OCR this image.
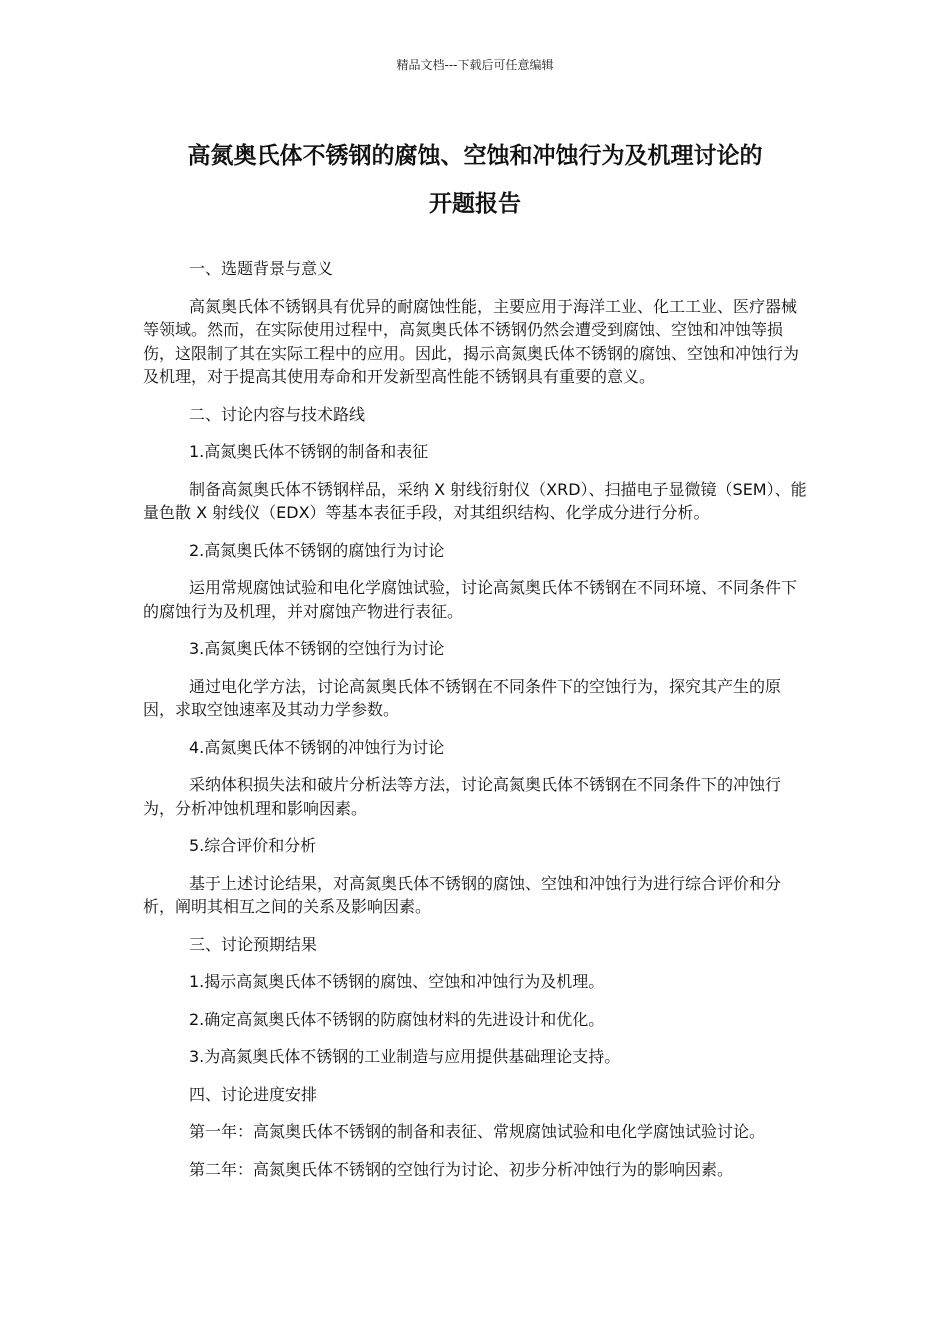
精品文档---下载后可任意编辑
高氮奥氏体不锈钢的腐蚀、空蚀和冲蚀行为及机理讨论的
开题报告

一、选题背景与意义

高氮奥氏体不锈钢具有优异的耐腐蚀性能，主要应用于海洋工业、化工工业、医疗器械等领域。然而，在实际使用过程中，高氮奥氏体不锈钢仍然会遭受到腐蚀、空蚀和冲蚀等损伤，这限制了其在实际工程中的应用。因此，揭示高氮奥氏体不锈钢的腐蚀、空蚀和冲蚀行为及机理，对于提高其使用寿命和开发新型高性能不锈钢具有重要的意义。

二、讨论内容与技术路线

1.高氮奥氏体不锈钢的制备和表征

制备高氮奥氏体不锈钢样品，采纳 X 射线衍射仪（XRD）、扫描电子显微镜（SEM）、能量色散 X 射线仪（EDX）等基本表征手段，对其组织结构、化学成分进行分析。

2.高氮奥氏体不锈钢的腐蚀行为讨论

运用常规腐蚀试验和电化学腐蚀试验，讨论高氮奥氏体不锈钢在不同环境、不同条件下的腐蚀行为及机理，并对腐蚀产物进行表征。

3.高氮奥氏体不锈钢的空蚀行为讨论

通过电化学方法，讨论高氮奥氏体不锈钢在不同条件下的空蚀行为，探究其产生的原因，求取空蚀速率及其动力学参数。

4.高氮奥氏体不锈钢的冲蚀行为讨论

采纳体积损失法和破片分析法等方法，讨论高氮奥氏体不锈钢在不同条件下的冲蚀行为，分析冲蚀机理和影响因素。

5.综合评价和分析

基于上述讨论结果，对高氮奥氏体不锈钢的腐蚀、空蚀和冲蚀行为进行综合评价和分析，阐明其相互之间的关系及影响因素。

三、讨论预期结果

1.揭示高氮奥氏体不锈钢的腐蚀、空蚀和冲蚀行为及机理。

2.确定高氮奥氏体不锈钢的防腐蚀材料的先进设计和优化。

3.为高氮奥氏体不锈钢的工业制造与应用提供基础理论支持。

四、讨论进度安排

第一年：高氮奥氏体不锈钢的制备和表征、常规腐蚀试验和电化学腐蚀试验讨论。

第二年：高氮奥氏体不锈钢的空蚀行为讨论、初步分析冲蚀行为的影响因素。
